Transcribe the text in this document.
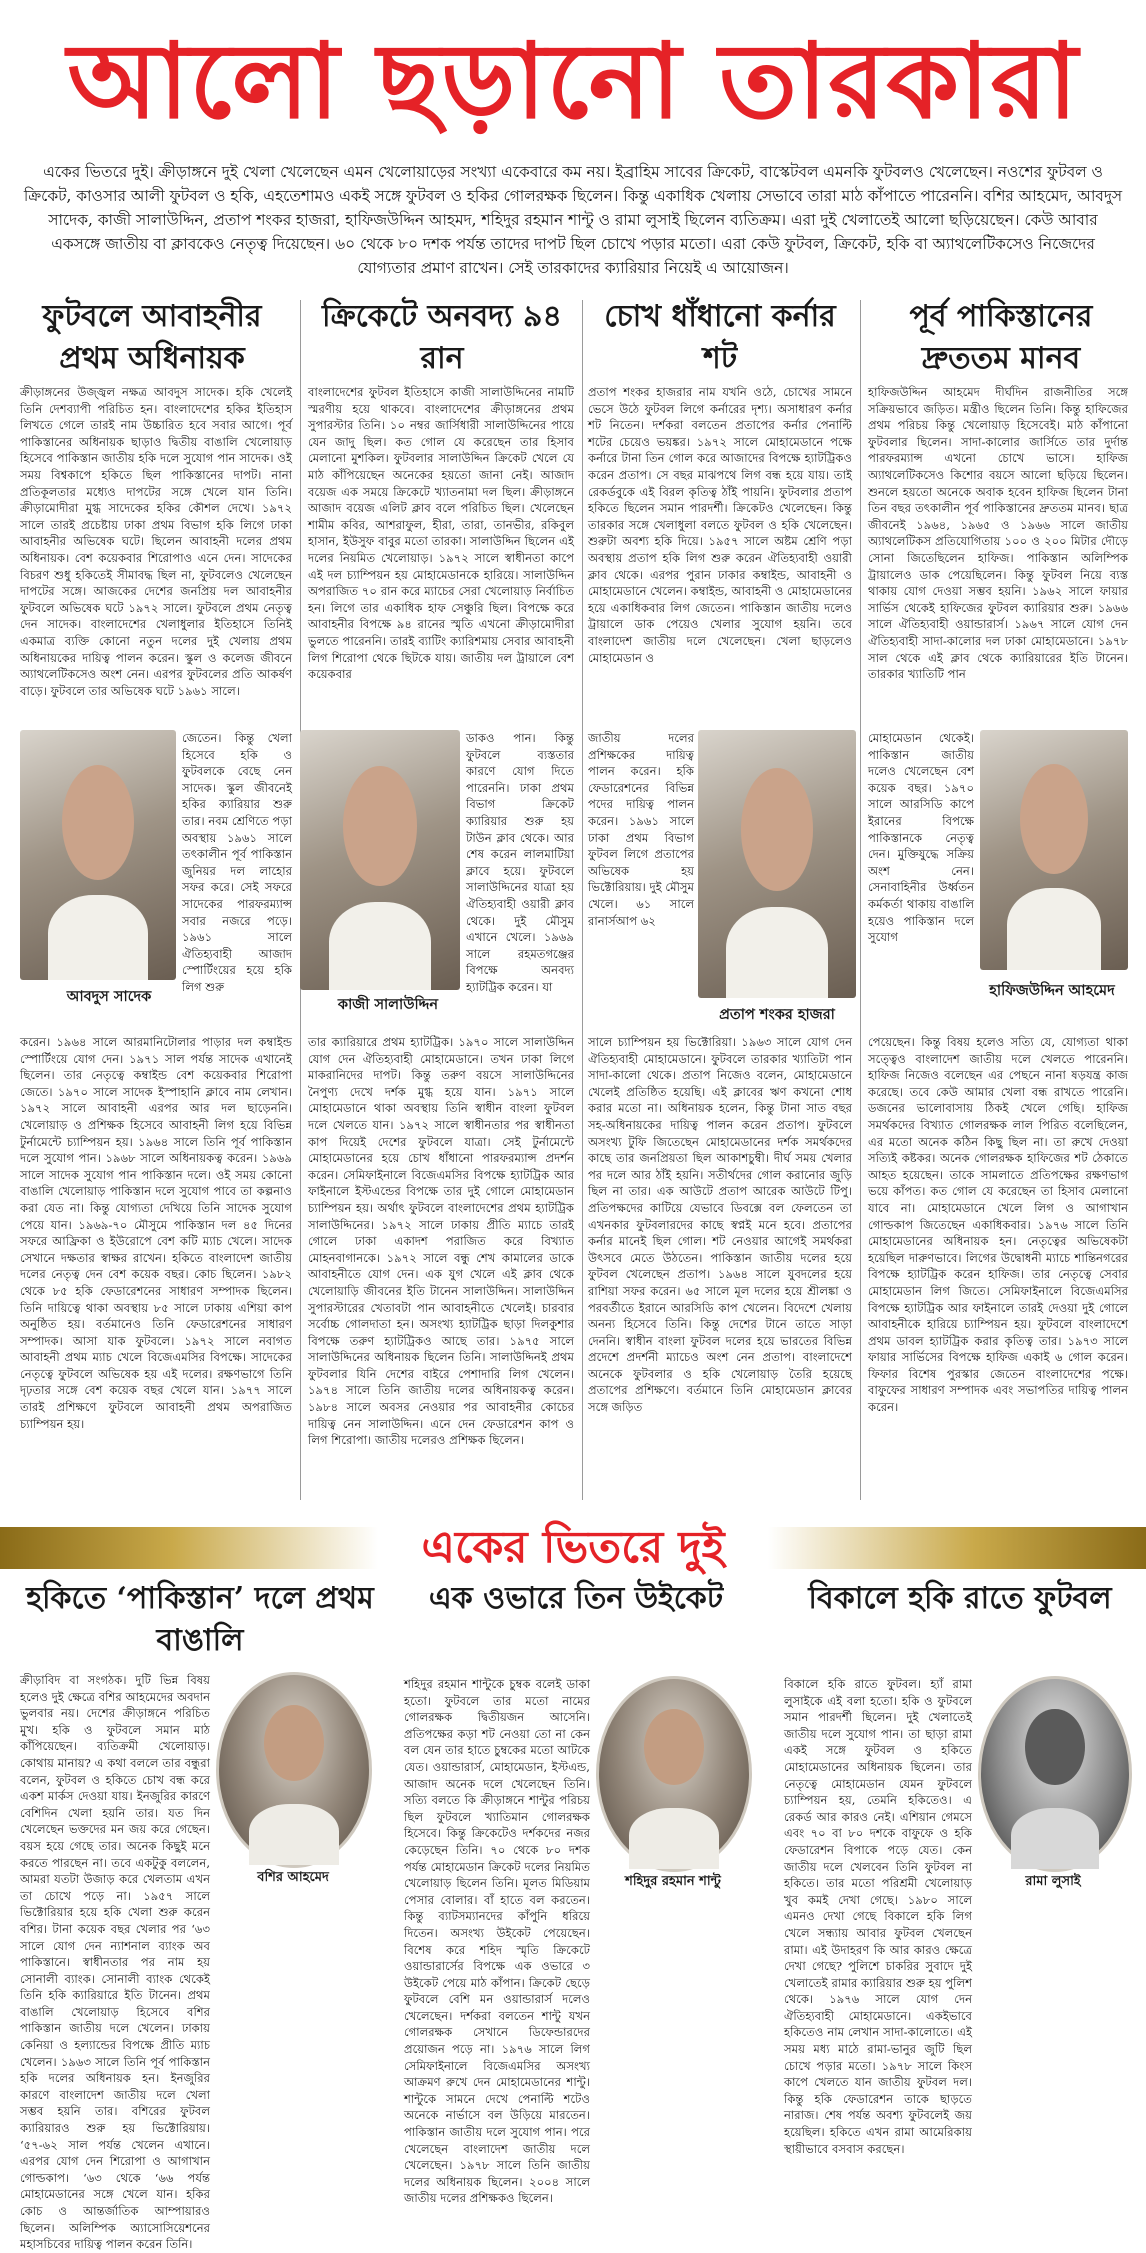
আলো ছড়ানো তারকারা
একের ভিতরে দুই। ক্রীড়াঙ্গনে দুই খেলা খেলেছেন এমন খেলোয়াড়ের সংখ্যা একেবারে কম নয়। ইব্রাহিম সাবের ক্রিকেট, বাস্কেটবল এমনকি ফুটবলও খেলেছেন। নওশের ফুটবল ও ক্রিকেট, কাওসার আলী ফুটবল ও হকি, এহতেশামও একই সঙ্গে ফুটবল ও হকির গোলরক্ষক ছিলেন। কিন্তু একাধিক খেলায় সেভাবে তারা মাঠ কাঁপাতে পারেননি। বশির আহমেদ, আবদুস সাদেক, কাজী সালাউদ্দিন, প্রতাপ শংকর হাজরা, হাফিজউদ্দিন আহমদ, শহিদুর রহমান শান্টু ও রামা লুসাই ছিলেন ব্যতিক্রম। এরা দুই খেলাতেই আলো ছড়িয়েছেন। কেউ আবার একসঙ্গে জাতীয় বা ক্লাবকেও নেতৃত্ব দিয়েছেন। ৬০ থেকে ৮০ দশক পর্যন্ত তাদের দাপট ছিল চোখে পড়ার মতো। এরা কেউ ফুটবল, ক্রিকেট, হকি বা অ্যাথলেটিকসেও নিজেদের যোগ্যতার প্রমাণ রাখেন। সেই তারকাদের ক্যারিয়ার নিয়েই এ আয়োজন।
ফুটবলে আবাহনীর প্রথম অধিনায়ক
ক্রীড়াঙ্গনের উজ্জ্বল নক্ষত্র আবদুস সাদেক। হকি খেলেই তিনি দেশব্যাপী পরিচিত হন। বাংলাদেশের হকির ইতিহাস লিখতে গেলে তারই নাম উচ্চারিত হবে সবার আগে। পূর্ব পাকিস্তানের অধিনায়ক ছাড়াও দ্বিতীয় বাঙালি খেলোয়াড় হিসেবে পাকিস্তান জাতীয় হকি দলে সুযোগ পান সাদেক। ওই সময় বিশ্বকাপে হকিতে ছিল পাকিস্তানের দাপট। নানা প্রতিকূলতার মধ্যেও দাপটের সঙ্গে খেলে যান তিনি। ক্রীড়ামোদীরা মুগ্ধ সাদেকের হকির কৌশল দেখে। ১৯৭২ সালে তারই প্রচেষ্টায় ঢাকা প্রথম বিভাগ হকি লিগে ঢাকা আবাহনীর অভিষেক ঘটে। ছিলেন আবাহনী দলের প্রথম অধিনায়ক। বেশ কয়েকবার শিরোপাও এনে দেন। সাদেকের বিচরণ শুধু হকিতেই সীমাবদ্ধ ছিল না, ফুটবলেও খেলেছেন দাপটের সঙ্গে। আজকের দেশের জনপ্রিয় দল আবাহনীর ফুটবলে অভিষেক ঘটে ১৯৭২ সালে। ফুটবলে প্রথম নেতৃত্ব দেন সাদেক। বাংলাদেশের খেলাধুলার ইতিহাসে তিনিই একমাত্র ব্যক্তি কোনো নতুন দলের দুই খেলায় প্রথম অধিনায়কের দায়িত্ব পালন করেন। স্কুল ও কলেজ জীবনে অ্যাথলেটিকসেও অংশ নেন। এরপর ফুটবলের প্রতি আকর্ষণ বাড়ে। ফুটবলে তার অভিষেক ঘটে ১৯৬১ সালে।
জেতেন। কিন্তু খেলা হিসেবে হকি ও ফুটবলকে বেছে নেন সাদেক। স্কুল জীবনেই হকির ক্যারিয়ার শুরু তার। নবম শ্রেণিতে পড়া অবস্থায় ১৯৬১ সালে তৎকালীন পূর্ব পাকিস্তান জুনিয়র দল লাহোর সফর করে। সেই সফরে সাদেকের পারফরম্যান্স সবার নজরে পড়ে। ১৯৬১ সালে ঐতিহ্যবাহী আজাদ স্পোর্টিংয়ের হয়ে হকি লিগ শুরু
আবদুস সাদেক
করেন। ১৯৬৪ সালে আরমানিটোলার পাড়ার দল কম্বাইন্ড স্পোর্টিংয়ে যোগ দেন। ১৯৭১ সাল পর্যন্ত সাদেক এখানেই ছিলেন। তার নেতৃত্বে কম্বাইন্ড বেশ কয়েকবার শিরোপা জেতে। ১৯৭০ সালে সাদেক ইস্পাহানি ক্লাবে নাম লেখান। ১৯৭২ সালে আবাহনী এরপর আর দল ছাড়েননি। খেলোয়াড় ও প্রশিক্ষক হিসেবে আবাহনী লিগ হয়ে বিভিন্ন টুর্নামেন্টে চ্যাম্পিয়ন হয়। ১৯৬৪ সালে তিনি পূর্ব পাকিস্তান দলে সুযোগ পান। ১৯৬৮ সালে অধিনায়কত্ব করেন। ১৯৬৯ সালে সাদেক সুযোগ পান পাকিস্তান দলে। ওই সময় কোনো বাঙালি খেলোয়াড় পাকিস্তান দলে সুযোগ পাবে তা কল্পনাও করা যেত না। কিন্তু যোগ্যতা দেখিয়ে তিনি সাদেক সুযোগ পেয়ে যান। ১৯৬৯-৭০ মৌসুমে পাকিস্তান দল ৪৫ দিনের সফরে আফ্রিকা ও ইউরোপে বেশ কটি ম্যাচ খেলে। সাদেক সেখানে দক্ষতার স্বাক্ষর রাখেন। হকিতে বাংলাদেশ জাতীয় দলের নেতৃত্ব দেন বেশ কয়েক বছর। কোচ ছিলেন। ১৯৮২ থেকে ৮৫ হকি ফেডারেশনের সাধারণ সম্পাদক ছিলেন। তিনি দায়িত্বে থাকা অবস্থায় ৮৫ সালে ঢাকায় এশিয়া কাপ অনুষ্ঠিত হয়। বর্তমানেও তিনি ফেডারেশনের সাধারণ সম্পাদক। আসা যাক ফুটবলে। ১৯৭২ সালে নবাগত আবাহনী প্রথম ম্যাচ খেলে বিজেএমসির বিপক্ষে। সাদেকের নেতৃত্বে ফুটবলে অভিষেক হয় এই দলের। রক্ষণভাগে তিনি দৃঢ়তার সঙ্গে বেশ কয়েক বছর খেলে যান। ১৯৭৭ সালে তারই প্রশিক্ষণে ফুটবলে আবাহনী প্রথম অপরাজিত চ্যাম্পিয়ন হয়।
ক্রিকেটে অনবদ্য ৯৪ রান
বাংলাদেশের ফুটবল ইতিহাসে কাজী সালাউদ্দিনের নামটি স্মরণীয় হয়ে থাকবে। বাংলাদেশের ক্রীড়াঙ্গনের প্রথম সুপারস্টার তিনি। ১০ নম্বর জার্সিধারী সালাউদ্দিনের পায়ে যেন জাদু ছিল। কত গোল যে করেছেন তার হিসাব মেলানো মুশকিল। ফুটবলার সালাউদ্দিন ক্রিকেট খেলে যে মাঠ কাঁপিয়েছেন অনেকের হয়তো জানা নেই। আজাদ বয়েজ এক সময়ে ক্রিকেটে খ্যাতনামা দল ছিল। ক্রীড়াঙ্গনে আজাদ বয়েজ এলিট ক্লাব বলে পরিচিত ছিল। খেলেছেন শামীম কবির, আশরাফুল, হীরা, তারা, তানভীর, রকিবুল হাসান, ইউসুফ বাবুর মতো তারকা। সালাউদ্দিন ছিলেন এই দলের নিয়মিত খেলোয়াড়। ১৯৭২ সালে স্বাধীনতা কাপে এই দল চ্যাম্পিয়ন হয় মোহামেডানকে হারিয়ে। সালাউদ্দিন অপরাজিত ৭০ রান করে ম্যাচের সেরা খেলোয়াড় নির্বাচিত হন। লিগে তার একাধিক হাফ সেঞ্চুরি ছিল। বিপক্ষে করে আবাহনীর বিপক্ষে ৯৪ রানের স্মৃতি এখনো ক্রীড়ামোদীরা ভুলতে পারেননি। তারই ব্যাটিং ক্যারিশমায় সেবার আবাহনী লিগ শিরোপা থেকে ছিটকে যায়। জাতীয় দল ট্রায়ালে বেশ কয়েকবার
ডাকও পান। কিন্তু ফুটবলে ব্যস্ততার কারণে যোগ দিতে পারেননি। ঢাকা প্রথম বিভাগ ক্রিকেট ক্যারিয়ার শুরু হয় টাউন ক্লাব থেকে। আর শেষ করেন লালমাটিয়া ক্লাবে হয়ে। ফুটবলে সালাউদ্দিনের যাত্রা হয় ঐতিহ্যবাহী ওয়ারী ক্লাব থেকে। দুই মৌসুম এখানে খেলে। ১৯৬৯ সালে রহমতগঞ্জের বিপক্ষে অনবদ্য হ্যাটট্রিক করেন। যা
কাজী সালাউদ্দিন
তার ক্যারিয়ারে প্রথম হ্যাটট্রিক। ১৯৭০ সালে সালাউদ্দিন যোগ দেন ঐতিহ্যবাহী মোহামেডানে। তখন ঢাকা লিগে মাকরানিদের দাপট। কিন্তু তরুণ বয়সে সালাউদ্দিনের নৈপুণ্য দেখে দর্শক মুগ্ধ হয়ে যান। ১৯৭১ সালে মোহামেডানে থাকা অবস্থায় তিনি স্বাধীন বাংলা ফুটবল দলে খেলতে যান। ১৯৭২ সালে স্বাধীনতার পর স্বাধীনতা কাপ দিয়েই দেশের ফুটবলে যাত্রা। সেই টুর্নামেন্টে মোহামেডানের হয়ে চোখ ধাঁধানো পারফরম্যান্স প্রদর্শন করেন। সেমিফাইনালে বিজেএমসির বিপক্ষে হ্যাটট্রিক আর ফাইনালে ইস্টএন্ডের বিপক্ষে তার দুই গোলে মোহামেডান চ্যাম্পিয়ন হয়। অর্থাৎ ফুটবলে বাংলাদেশের প্রথম হ্যাটট্রিক সালাউদ্দিনের। ১৯৭২ সালে ঢাকায় প্রীতি ম্যাচে তারই গোলে ঢাকা একাদশ পরাজিত করে বিখ্যাত মোহনবাগানকে। ১৯৭২ সালে বন্ধু শেখ কামালের ডাকে আবাহনীতে যোগ দেন। এক যুগ খেলে এই ক্লাব থেকে খেলোয়াড়ি জীবনের ইতি টানেন সালাউদ্দিন। সালাউদ্দিন সুপারস্টারের খেতাবটা পান আবাহনীতে খেলেই। চারবার সর্বোচ্চ গোলদাতা হন। অসংখ্য হ্যাটট্রিক ছাড়া দিলকুশার বিপক্ষে তরুণ হ্যাটট্রিকও আছে তার। ১৯৭৫ সালে সালাউদ্দিনের অধিনায়ক ছিলেন তিনি। সালাউদ্দিনই প্রথম ফুটবলার যিনি দেশের বাইরে পেশাদারি লিগ খেলেন। ১৯৭৪ সালে তিনি জাতীয় দলের অধিনায়কত্ব করেন। ১৯৮৪ সালে অবসর নেওয়ার পর আবাহনীর কোচের দায়িত্ব নেন সালাউদ্দিন। এনে দেন ফেডারেশন কাপ ও লিগ শিরোপা। জাতীয় দলেরও প্রশিক্ষক ছিলেন।
চোখ ধাঁধানো কর্নার শট
প্রতাপ শংকর হাজরার নাম যখনি ওঠে, চোখের সামনে ভেসে উঠে ফুটবল লিগে কর্নারের দৃশ্য। অসাধারণ কর্নার শট নিতেন। দর্শকরা বলতেন প্রতাপের কর্নার পেনাল্টি শটের চেয়েও ভয়ঙ্কর। ১৯৭২ সালে মোহামেডানে পক্ষে কর্নারে টানা তিন গোল করে আজাদের বিপক্ষে হ্যাটট্রিকও করেন প্রতাপ। সে বছর মাঝপথে লিগ বন্ধ হয়ে যায়। তাই রেকর্ডবুকে এই বিরল কৃতিত্ব ঠাঁই পায়নি। ফুটবলার প্রতাপ হকিতে ছিলেন সমান পারদর্শী। ক্রিকেটও খেলেছেন। কিন্তু তারকার সঙ্গে খেলাধুলা বলতে ফুটবল ও হকি খেলেছেন। শুরুটা অবশ্য হকি দিয়ে। ১৯৫৭ সালে অষ্টম শ্রেণি পড়া অবস্থায় প্রতাপ হকি লিগ শুরু করেন ঐতিহ্যবাহী ওয়ারী ক্লাব থেকে। এরপর পুরান ঢাকার কম্বাইন্ড, আবাহনী ও মোহামেডানে খেলেন। কম্বাইন্ড, আবাহনী ও মোহামেডানের হয়ে একাধিকবার লিগ জেতেন। পাকিস্তান জাতীয় দলেও ট্রায়ালে ডাক পেয়েও খেলার সুযোগ হয়নি। তবে বাংলাদেশ জাতীয় দলে খেলেছেন। খেলা ছাড়লেও মোহামেডান ও
জাতীয় দলের প্রশিক্ষকের দায়িত্ব পালন করেন। হকি ফেডারেশনের বিভিন্ন পদের দায়িত্ব পালন করেন। ১৯৬১ সালে ঢাকা প্রথম বিভাগ ফুটবল লিগে প্রতাপের অভিষেক হয় ভিক্টোরিয়ায়। দুই মৌসুম খেলে। ৬১ সালে রানার্সআপ ৬২
প্রতাপ শংকর হাজরা
সালে চ্যাম্পিয়ন হয় ভিক্টোরিয়া। ১৯৬৩ সালে যোগ দেন ঐতিহ্যবাহী মোহামেডানে। ফুটবলে তারকার খ্যাতিটা পান সাদা-কালো থেকে। প্রতাপ নিজেও বলেন, মোহামেডানে খেলেই প্রতিষ্ঠিত হয়েছি। এই ক্লাবের ঋণ কখনো শোধ করার মতো না। অধিনায়ক হলেন, কিন্তু টানা সাত বছর সহ-অধিনায়কের দায়িত্ব পালন করেন প্রতাপ। ফুটবলে অসংখ্য টুফি জিতেছেন মোহামেডানের দর্শক সমর্থকদের কাছে তার জনপ্রিয়তা ছিল আকাশচুম্বী। দীর্ঘ সময় খেলার পর দলে আর ঠাঁই হয়নি। সতীর্থদের গোল করানোর জুড়ি ছিল না তার। এক আউটে প্রতাপ আরেক আউটে টিপু। প্রতিপক্ষদের কাটিয়ে যেভাবে ডিবক্সে বল ফেলতেন তা এখনকার ফুটবলারদের কাছে স্বপ্নই মনে হবে। প্রতাপের কর্নার মানেই ছিল গোল। শট নেওয়ার আগেই সমর্থকরা উৎসবে মেতে উঠতেন। পাকিস্তান জাতীয় দলের হয়ে ফুটবল খেলেছেন প্রতাপ। ১৯৬৪ সালে যুবদলের হয়ে রাশিয়া সফর করেন। ৬৫ সালে মূল দলের হয়ে শ্রীলঙ্কা ও পরবর্তীতে ইরানে আরসিডি কাপ খেলেন। বিদেশে খেলায় অনন্য হিসেবে তিনি। কিন্তু দেশের টানে তাতে সাড়া দেননি। স্বাধীন বাংলা ফুটবল দলের হয়ে ভারতের বিভিন্ন প্রদেশে প্রদর্শনী ম্যাচেও অংশ নেন প্রতাপ। বাংলাদেশে অনেকে ফুটবলার ও হকি খেলোয়াড় তৈরি হয়েছে প্রতাপের প্রশিক্ষণে। বর্তমানে তিনি মোহামেডান ক্লাবের সঙ্গে জড়িত
পূর্ব পাকিস্তানের দ্রুততম মানব
হাফিজউদ্দিন আহমেদ দীর্ঘদিন রাজনীতির সঙ্গে সক্রিয়ভাবে জড়িত। মন্ত্রীও ছিলেন তিনি। কিন্তু হাফিজের প্রথম পরিচয় কিন্তু খেলোয়াড় হিসেবেই। মাঠ কাঁপানো ফুটবলার ছিলেন। সাদা-কালোর জার্সিতে তার দুর্দান্ত পারফরম্যান্স এখনো চোখে ভাসে। হাফিজ অ্যাথলেটিকসেও কিশোর বয়সে আলো ছড়িয়ে ছিলেন। শুনলে হয়তো অনেকে অবাক হবেন হাফিজ ছিলেন টানা তিন বছর তৎকালীন পূর্ব পাকিস্তানের দ্রুততম মানব। ছাত্র জীবনেই ১৯৬৪, ১৯৬৫ ও ১৯৬৬ সালে জাতীয় অ্যাথলেটিকস প্রতিযোগিতায় ১০০ ও ২০০ মিটার দৌড়ে সোনা জিতেছিলেন হাফিজ। পাকিস্তান অলিম্পিক ট্রায়ালেও ডাক পেয়েছিলেন। কিন্তু ফুটবল নিয়ে ব্যস্ত থাকায় যোগ দেওয়া সম্ভব হয়নি। ১৯৬২ সালে ফায়ার সার্ভিস থেকেই হাফিজের ফুটবল ক্যারিয়ার শুরু। ১৯৬৬ সালে ঐতিহ্যবাহী ওয়ান্ডারার্স। ১৯৬৭ সালে যোগ দেন ঐতিহ্যবাহী সাদা-কালোর দল ঢাকা মোহামেডানে। ১৯৭৮ সাল থেকে এই ক্লাব থেকে ক্যারিয়ারের ইতি টানেন। তারকার খ্যাতিটি পান
মোহামেডান থেকেই। পাকিস্তান জাতীয় দলেও খেলেছেন বেশ কয়েক বছর। ১৯৭০ সালে আরসিডি কাপে ইরানের বিপক্ষে পাকিস্তানকে নেতৃত্ব দেন। মুক্তিযুদ্ধে সক্রিয় অংশ নেন। সেনাবাহিনীর উর্ধ্বতন কর্মকর্তা থাকায় বাঙালি হয়েও পাকিস্তান দলে সুযোগ
হাফিজউদ্দিন আহমেদ
পেয়েছেন। কিন্তু বিষয় হলেও সত্যি যে, যোগ্যতা থাকা সত্ত্বেও বাংলাদেশ জাতীয় দলে খেলতে পারেননি। হাফিজ নিজেও বলেছেন এর পেছনে নানা ষড়যন্ত্র কাজ করেছে। তবে কেউ আমার খেলা বন্ধ রাখতে পারেনি। ডজনের ভালোবাসায় ঠিকই খেলে গেছি। হাফিজ সমর্থকদের বিখ্যাত গোলরক্ষক লাল পিরিত বলেছিলেন, এর মতো অনেক কঠিন কিছু ছিল না। তা রুখে দেওয়া সত্যিই কষ্টকর। অনেক গোলরক্ষক হাফিজের শট ঠেকাতে আহত হয়েছেন। তাকে সামলাতে প্রতিপক্ষের রক্ষণভাগ ভয়ে কাঁপত। কত গোল যে করেছেন তা হিসাব মেলানো যাবে না। মোহামেডানে খেলে লিগ ও আগাখান গোল্ডকাপ জিতেছেন একাধিকবার। ১৯৭৬ সালে তিনি মোহামেডানের অধিনায়ক হন। নেতৃত্বের অভিষেকটা হয়েছিল দারুণভাবে। লিগের উদ্বোধনী ম্যাচে শান্তিনগরের বিপক্ষে হ্যাটট্রিক করেন হাফিজ। তার নেতৃত্বে সেবার মোহামেডান লিগ জিতে। সেমিফাইনালে বিজেএমসির বিপক্ষে হ্যাটট্রিক আর ফাইনালে তারই দেওয়া দুই গোলে আবাহনীকে হারিয়ে চ্যাম্পিয়ন হয়। ফুটবলে বাংলাদেশে প্রথম ডাবল হ্যাটট্রিক করার কৃতিত্ব তার। ১৯৭৩ সালে ফায়ার সার্ভিসের বিপক্ষে হাফিজ একাই ৬ গোল করেন। ফিফার বিশেষ পুরস্কার জেতেন বাংলাদেশের পক্ষে। বাফুফের সাধারণ সম্পাদক এবং সভাপতির দায়িত্ব পালন করেন।
একের ভিতরে দুই
হকিতে ‘পাকিস্তান’ দলে প্রথম বাঙালি
ক্রীড়াবিদ বা সংগঠক। দুটি ভিন্ন বিষয় হলেও দুই ক্ষেত্রে বশির আহমেদের অবদান ভুলবার নয়। দেশের ক্রীড়াঙ্গনে পরিচিত মুখ। হকি ও ফুটবলে সমান মাঠ কাঁপিয়েছেন। ব্যতিক্রমী খেলোয়াড়। কোথায় মানায়? এ কথা বললে তার বন্ধুরা বলেন, ফুটবল ও হকিতে চোখ বন্ধ করে একশ মার্কস দেওয়া যায়। ইনজুরির কারণে বেশিদিন খেলা হয়নি তার। যত দিন খেলেছেন ভক্তদের মন জয় করে গেছেন। বয়স হয়ে গেছে তার। অনেক কিছুই মনে করতে পারছেন না। তবে একটুকু বললেন, আমরা যতটা উজাড় করে খেলতাম এখন তা চোখে পড়ে না। ১৯৫৭ সালে ভিক্টোরিয়ার হয়ে হকি খেলা শুরু করেন বশির। টানা কয়েক বছর খেলার পর ‘৬৩ সালে যোগ দেন ন্যাশনাল ব্যাংক অব পাকিস্তানে। স্বাধীনতার পর নাম হয় সোনালী ব্যাংক। সোনালী ব্যাংক থেকেই তিনি হকি ক্যারিয়ারে ইতি টানেন। প্রথম বাঙালি খেলোয়াড় হিসেবে বশির পাকিস্তান জাতীয় দলে খেলেন। ঢাকায় কেনিয়া ও হল্যান্ডের বিপক্ষে প্রীতি ম্যাচ খেলেন। ১৯৬৩ সালে তিনি পূর্ব পাকিস্তান হকি দলের অধিনায়ক হন। ইনজুরির কারণে বাংলাদেশ জাতীয় দলে খেলা সম্ভব হয়নি তার। বশিরের ফুটবল ক্যারিয়ারও শুরু হয় ভিক্টোরিয়ায়। ‘৫৭-৬২ সাল পর্যন্ত খেলেন এখানে। এরপর যোগ দেন শিরোপা ও আগাখান গোল্ডকাপ। ‘৬৩ থেকে ‘৬৬ পর্যন্ত মোহামেডানের সঙ্গে খেলে যান। হকির কোচ ও আন্তর্জাতিক আম্পায়ারও ছিলেন। অলিম্পিক অ্যাসোসিয়েশনের মহাসচিবের দায়িত্ব পালন করেন তিনি।
বশির আহমেদ
এক ওভারে তিন উইকেট
শহিদুর রহমান শান্টুকে চুম্বক বলেই ডাকা হতো। ফুটবলে তার মতো নামের গোলরক্ষক দ্বিতীয়জন আসেনি। প্রতিপক্ষের কড়া শট নেওয়া তো না কেন বল যেন তার হাতে চুম্বকের মতো আটকে যেত। ওয়ান্ডারার্স, মোহামেডান, ইস্টএন্ড, আজাদ অনেক দলে খেলেছেন তিনি। সত্যি বলতে কি ক্রীড়াঙ্গনে শান্টুর পরিচয় ছিল ফুটবলে খ্যাতিমান গোলরক্ষক হিসেবে। কিন্তু ক্রিকেটেও দর্শকদের নজর কেড়েছেন তিনি। ৭০ থেকে ৮০ দশক পর্যন্ত মোহামেডান ক্রিকেট দলের নিয়মিত খেলোয়াড় ছিলেন তিনি। মূলত মিডিয়াম পেসার বোলার। বাঁ হাতে বল করতেন। কিন্তু ব্যাটসম্যানদের কাঁপুনি ধরিয়ে দিতেন। অসংখ্য উইকেট পেয়েছেন। বিশেষ করে শহিদ স্মৃতি ক্রিকেটে ওয়ান্ডারার্সের বিপক্ষে এক ওভারে ৩ উইকেট পেয়ে মাঠ কাঁপান। ক্রিকেট ছেড়ে ফুটবলে বেশি মন ওয়ান্ডারার্স দলেও খেলেছেন। দর্শকরা বলতেন শান্টু যখন গোলরক্ষক সেখানে ডিফেন্ডারদের প্রয়োজন পড়ে না। ১৯৭৬ সালে লিগ সেমিফাইনালে বিজেএমসির অসংখ্য আক্রমণ রুখে দেন মোহামেডানের শান্টু। শান্টুকে সামনে দেখে পেনাল্টি শটেও অনেকে নার্ভাসে বল উড়িয়ে মারতেন। পাকিস্তান জাতীয় দলে সুযোগ পান। পরে খেলেছেন বাংলাদেশ জাতীয় দলে খেলেছেন। ১৯৭৮ সালে তিনি জাতীয় দলের অধিনায়ক ছিলেন। ২০০৪ সালে জাতীয় দলের প্রশিক্ষকও ছিলেন।
শহিদুর রহমান শান্টু
বিকালে হকি রাতে ফুটবল
বিকালে হকি রাতে ফুটবল। হ্যাঁ রামা লুসাইকে এই বলা হতো। হকি ও ফুটবলে সমান পারদর্শী ছিলেন। দুই খেলাতেই জাতীয় দলে সুযোগ পান। তা ছাড়া রামা একই সঙ্গে ফুটবল ও হকিতে মোহামেডানের অধিনায়ক ছিলেন। তার নেতৃত্বে মোহামেডান যেমন ফুটবলে চ্যাম্পিয়ন হয়, তেমনি হকিতেও। এ রেকর্ড আর কারও নেই। এশিয়ান গেমসে এবং ৭০ বা ৮০ দশকে বাফুফে ও হকি ফেডারেশন বিপাকে পড়ে যেত। কেন জাতীয় দলে খেলবেন তিনি ফুটবল না হকিতে। তার মতো পরিশ্রমী খেলোয়াড় খুব কমই দেখা গেছে। ১৯৮০ সালে এমনও দেখা গেছে বিকালে হকি লিগ খেলে সন্ধ্যায় আবার ফুটবল খেলছেন রামা। এই উদাহরণ কি আর কারও ক্ষেত্রে দেখা গেছে? পুলিশে চাকরির সুবাদে দুই খেলাতেই রামার ক্যারিয়ার শুরু হয় পুলিশ থেকে। ১৯৭৬ সালে যোগ দেন ঐতিহ্যবাহী মোহামেডানে। একইভাবে হকিতেও নাম লেখান সাদা-কালোতে। এই সময় মধ্য মাঠে রামা-ভানুর জুটি ছিল চোখে পড়ার মতো। ১৯৭৮ সালে কিংস কাপে খেলতে যান জাতীয় ফুটবল দল। কিন্তু হকি ফেডারেশন তাকে ছাড়তে নারাজ। শেষ পর্যন্ত অবশ্য ফুটবলেই জয় হয়েছিল। হকিতে এখন রামা আমেরিকায় স্থায়ীভাবে বসবাস করছেন।
রামা লুসাই
